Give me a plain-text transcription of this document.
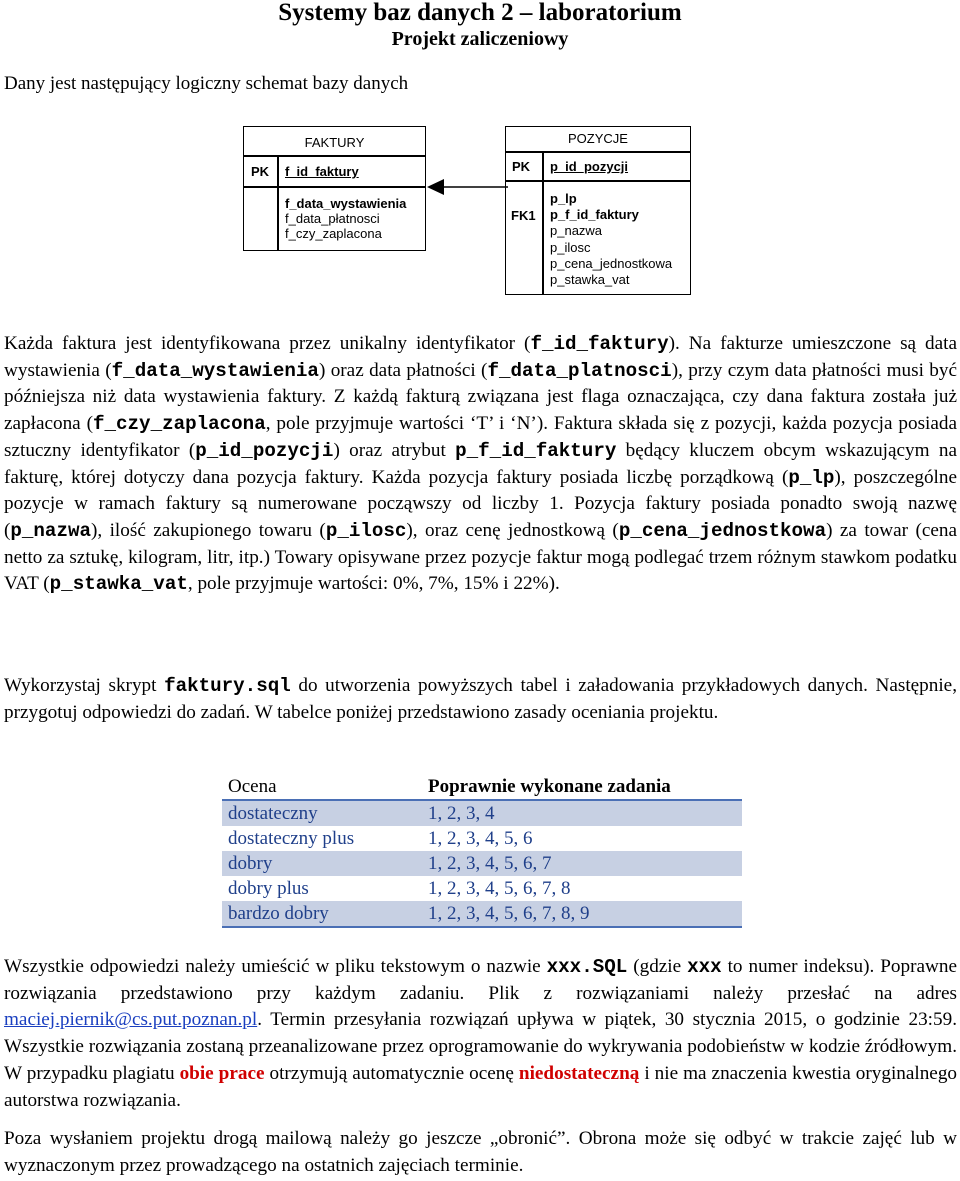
Systemy baz danych 2 – laboratorium
Projekt zaliczeniowy
Dany jest następujący logiczny schemat bazy danych
FAKTURY
PK f_id_faktury
f_data_wystawienia
f_data_płatnosci
f_czy_zaplacona
POZYCJE
PK p_id_pozycji
FK1
p_lp
p_f_id_faktury
p_nazwa
p_ilosc
p_cena_jednostkowa
p_stawka_vat
Każda faktura jest identyfikowana przez unikalny identyfikator (f_id_faktury). Na fakturze umieszczone są data wystawienia (f_data_wystawienia) oraz data płatności (f_data_platnosci), przy czym data płatności musi być późniejsza niż data wystawienia faktury. Z każdą fakturą związana jest flaga oznaczająca, czy dana faktura została już zapłacona (f_czy_zaplacona, pole przyjmuje wartości ‘T’ i ‘N’). Faktura składa się z pozycji, każda pozycja posiada sztuczny identyfikator (p_id_pozycji) oraz atrybut p_f_id_faktury będący kluczem obcym wskazującym na fakturę, której dotyczy dana pozycja faktury. Każda pozycja faktury posiada liczbę porządkową (p_lp), poszczególne pozycje w ramach faktury są numerowane począwszy od liczby 1. Pozycja faktury posiada ponadto swoją nazwę (p_nazwa), ilość zakupionego towaru (p_ilosc), oraz cenę jednostkową (p_cena_jednostkowa) za towar (cena netto za sztukę, kilogram, litr, itp.) Towary opisywane przez pozycje faktur mogą podlegać trzem różnym stawkom podatku VAT (p_stawka_vat, pole przyjmuje wartości: 0%, 7%, 15% i 22%).
Wykorzystaj skrypt faktury.sql do utworzenia powyższych tabel i załadowania przykładowych danych. Następnie, przygotuj odpowiedzi do zadań. W tabelce poniżej przedstawiono zasady oceniania projektu.
Ocena	Poprawnie wykonane zadania
dostateczny	1, 2, 3, 4
dostateczny plus	1, 2, 3, 4, 5, 6
dobry	1, 2, 3, 4, 5, 6, 7
dobry plus	1, 2, 3, 4, 5, 6, 7, 8
bardzo dobry	1, 2, 3, 4, 5, 6, 7, 8, 9
Wszystkie odpowiedzi należy umieścić w pliku tekstowym o nazwie xxx.SQL (gdzie xxx to numer indeksu). Poprawne rozwiązania przedstawiono przy każdym zadaniu. Plik z rozwiązaniami należy przesłać na adres maciej.piernik@cs.put.poznan.pl. Termin przesyłania rozwiązań upływa w piątek, 30 stycznia 2015, o godzinie 23:59. Wszystkie rozwiązania zostaną przeanalizowane przez oprogramowanie do wykrywania podobieństw w kodzie źródłowym. W przypadku plagiatu obie prace otrzymują automatycznie ocenę niedostateczną i nie ma znaczenia kwestia oryginalnego autorstwa rozwiązania.
Poza wysłaniem projektu drogą mailową należy go jeszcze „obronić”. Obrona może się odbyć w trakcie zajęć lub w wyznaczonym przez prowadzącego na ostatnich zajęciach terminie.
